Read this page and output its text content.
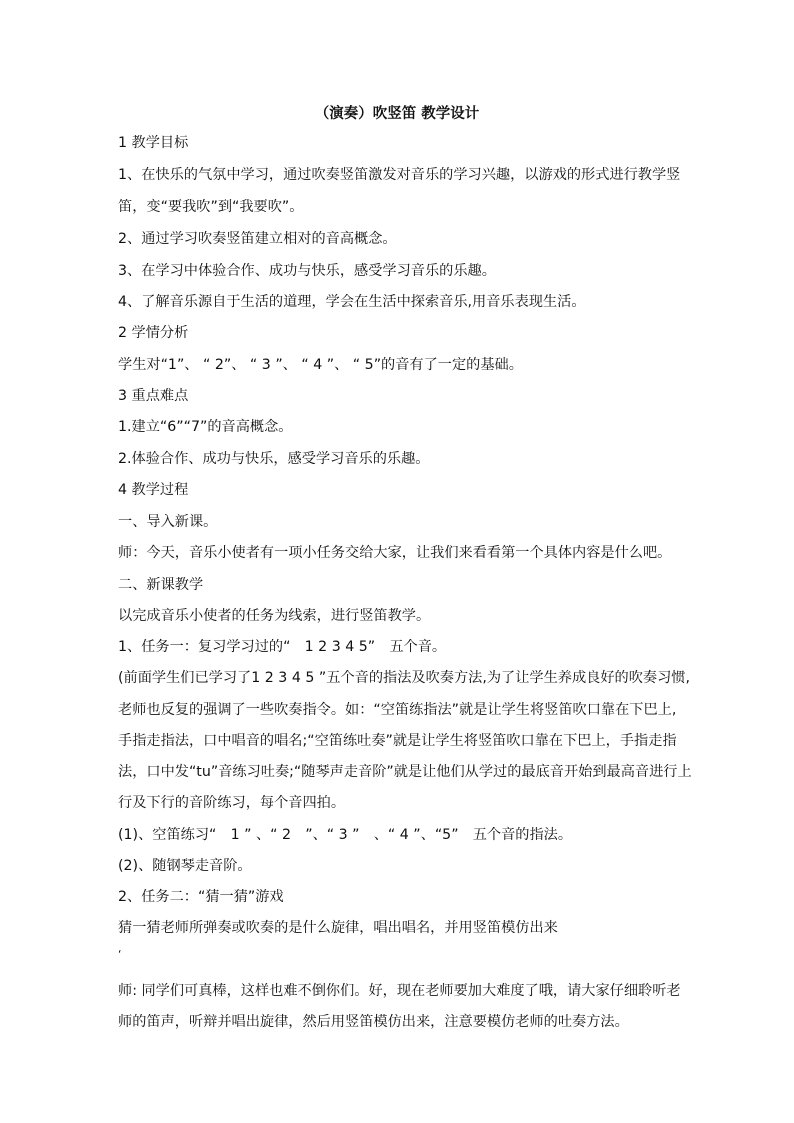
（演奏）吹竖笛 教学设计
1 教学目标
1、在快乐的气氛中学习，通过吹奏竖笛激发对音乐的学习兴趣，以游戏的形式进行教学竖
笛，变“要我吹”到“我要吹”。
2、通过学习吹奏竖笛建立相对的音高概念。
3、在学习中体验合作、成功与快乐，感受学习音乐的乐趣。
4、了解音乐源自于生活的道理，学会在生活中探索音乐,用音乐表现生活。
2 学情分析
学生对“1”、 “ 2”、 “ 3 ”、 “ 4 ”、 “ 5”的音有了一定的基础。
3 重点难点
1.建立“6”“7”的音高概念。
2.体验合作、成功与快乐，感受学习音乐的乐趣。
4 教学过程
一、导入新课。
师：今天，音乐小使者有一项小任务交给大家，让我们来看看第一个具体内容是什么吧。
二、新课教学
以完成音乐小使者的任务为线索，进行竖笛教学。
1、任务一：复习学习过的“　1 2 3 4 5”　五个音。
(前面学生们已学习了1 2 3 4 5 ”五个音的指法及吹奏方法,为了让学生养成良好的吹奏习惯,
老师也反复的强调了一些吹奏指令。如：“空笛练指法”就是让学生将竖笛吹口靠在下巴上,
手指走指法，口中唱音的唱名;“空笛练吐奏”就是让学生将竖笛吹口靠在下巴上，手指走指
法，口中发“tu”音练习吐奏;“随琴声走音阶”就是让他们从学过的最底音开始到最高音进行上
行及下行的音阶练习，每个音四拍。
(1)、空笛练习“　1 ” 、“ 2　”、“ 3 ”　、“ 4 ”、“5”　五个音的指法。
(2)、随钢琴走音阶。
2、任务二：“猜一猜”游戏
猜一猜老师所弹奏或吹奏的是什么旋律，唱出唱名，并用竖笛模仿出来
‘
师: 同学们可真棒，这样也难不倒你们。好，现在老师要加大难度了哦，请大家仔细聆听老
师的笛声，听辩并唱出旋律，然后用竖笛模仿出来，注意要模仿老师的吐奏方法。
